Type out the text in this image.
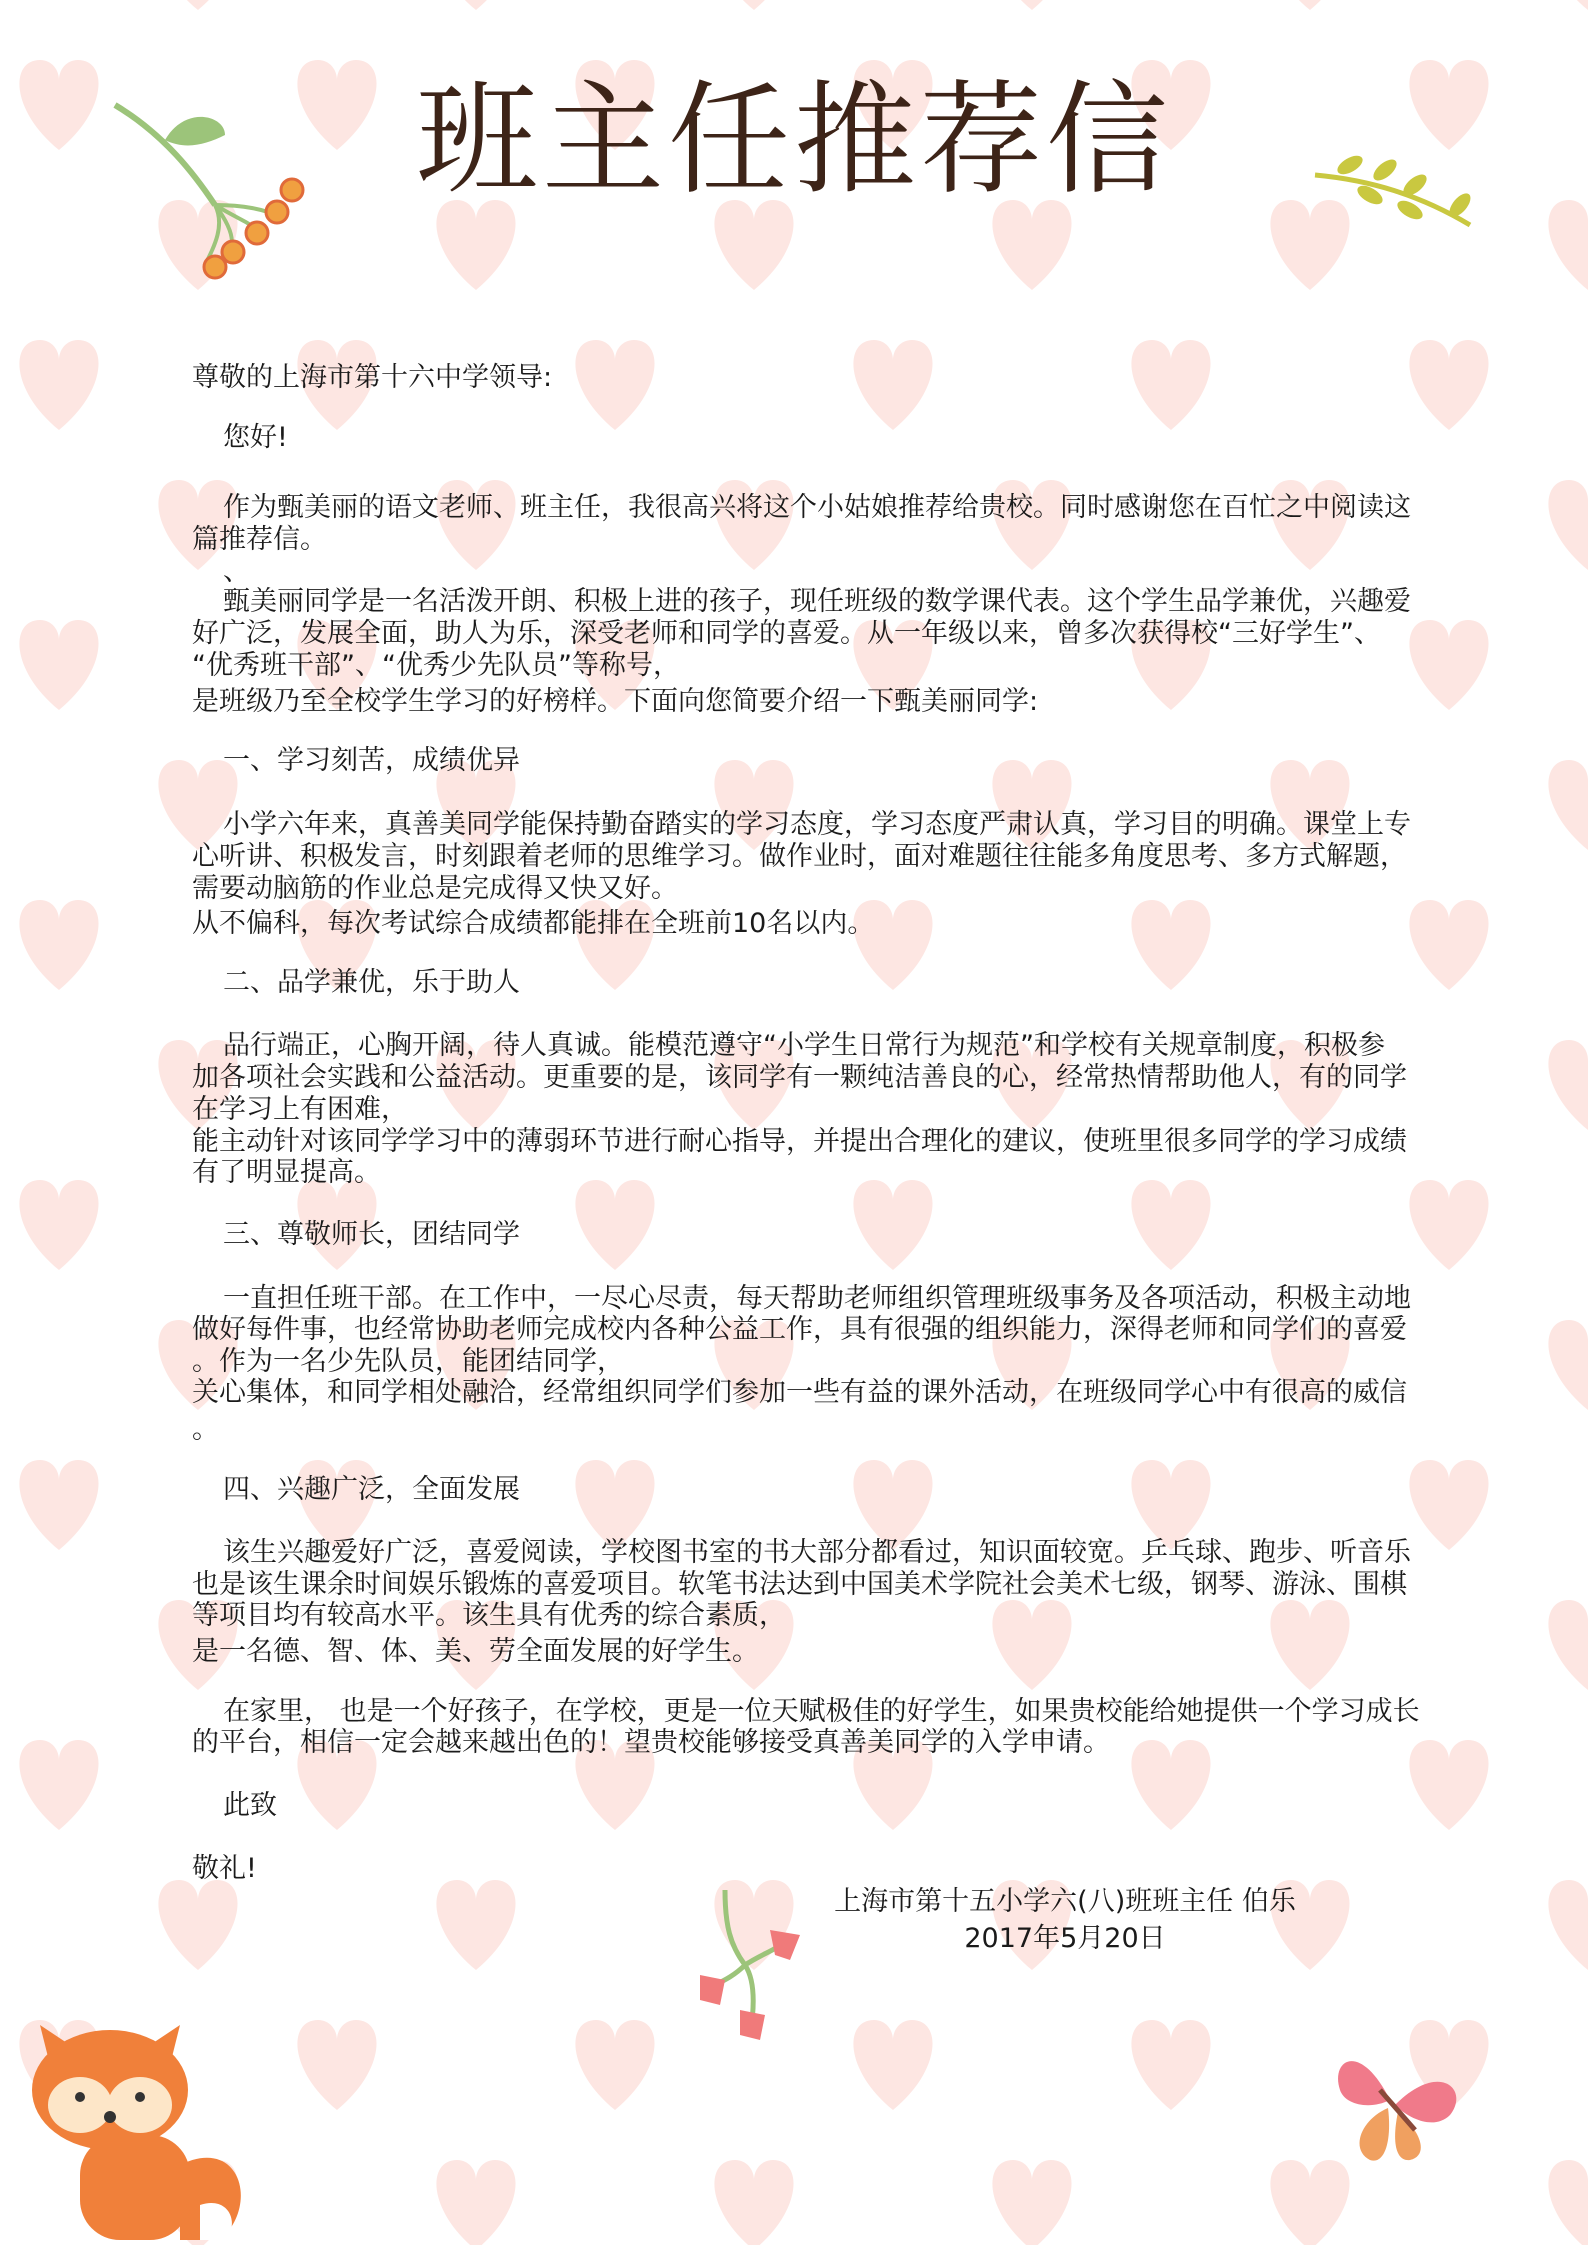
班主任推荐信
尊敬的上海市第十六中学领导:
您好!
作为甄美丽的语文老师、班主任，我很高兴将这个小姑娘推荐给贵校。同时感谢您在百忙之中阅读这
篇推荐信。
、
甄美丽同学是一名活泼开朗、积极上进的孩子，现任班级的数学课代表。这个学生品学兼优，兴趣爱
好广泛，发展全面，助人为乐，深受老师和同学的喜爱。从一年级以来，曾多次获得校“三好学生”、
“优秀班干部”、“优秀少先队员”等称号，
是班级乃至全校学生学习的好榜样。下面向您简要介绍一下甄美丽同学:
一、学习刻苦，成绩优异
小学六年来，真善美同学能保持勤奋踏实的学习态度，学习态度严肃认真，学习目的明确。课堂上专
心听讲、积极发言，时刻跟着老师的思维学习。做作业时，面对难题往往能多角度思考、多方式解题，
需要动脑筋的作业总是完成得又快又好。
从不偏科，每次考试综合成绩都能排在全班前10名以内。
二、品学兼优，乐于助人
品行端正，心胸开阔，待人真诚。能模范遵守“小学生日常行为规范”和学校有关规章制度，积极参
加各项社会实践和公益活动。更重要的是，该同学有一颗纯洁善良的心，经常热情帮助他人，有的同学
在学习上有困难，
能主动针对该同学学习中的薄弱环节进行耐心指导，并提出合理化的建议，使班里很多同学的学习成绩
有了明显提高。
三、尊敬师长，团结同学
一直担任班干部。在工作中，一尽心尽责，每天帮助老师组织管理班级事务及各项活动，积极主动地
做好每件事，也经常协助老师完成校内各种公益工作，具有很强的组织能力，深得老师和同学们的喜爱
。作为一名少先队员，能团结同学，
关心集体，和同学相处融洽，经常组织同学们参加一些有益的课外活动，在班级同学心中有很高的威信
。
四、兴趣广泛，全面发展
该生兴趣爱好广泛，喜爱阅读，学校图书室的书大部分都看过，知识面较宽。乒乓球、跑步、听音乐
也是该生课余时间娱乐锻炼的喜爱项目。软笔书法达到中国美术学院社会美术七级，钢琴、游泳、围棋
等项目均有较高水平。该生具有优秀的综合素质，
是一名德、智、体、美、劳全面发展的好学生。
在家里， 也是一个好孩子，在学校，更是一位天赋极佳的好学生，如果贵校能给她提供一个学习成长
的平台，相信一定会越来越出色的！望贵校能够接受真善美同学的入学申请。
此致
敬礼!
上海市第十五小学六(八)班班主任 伯乐
2017年5月20日
